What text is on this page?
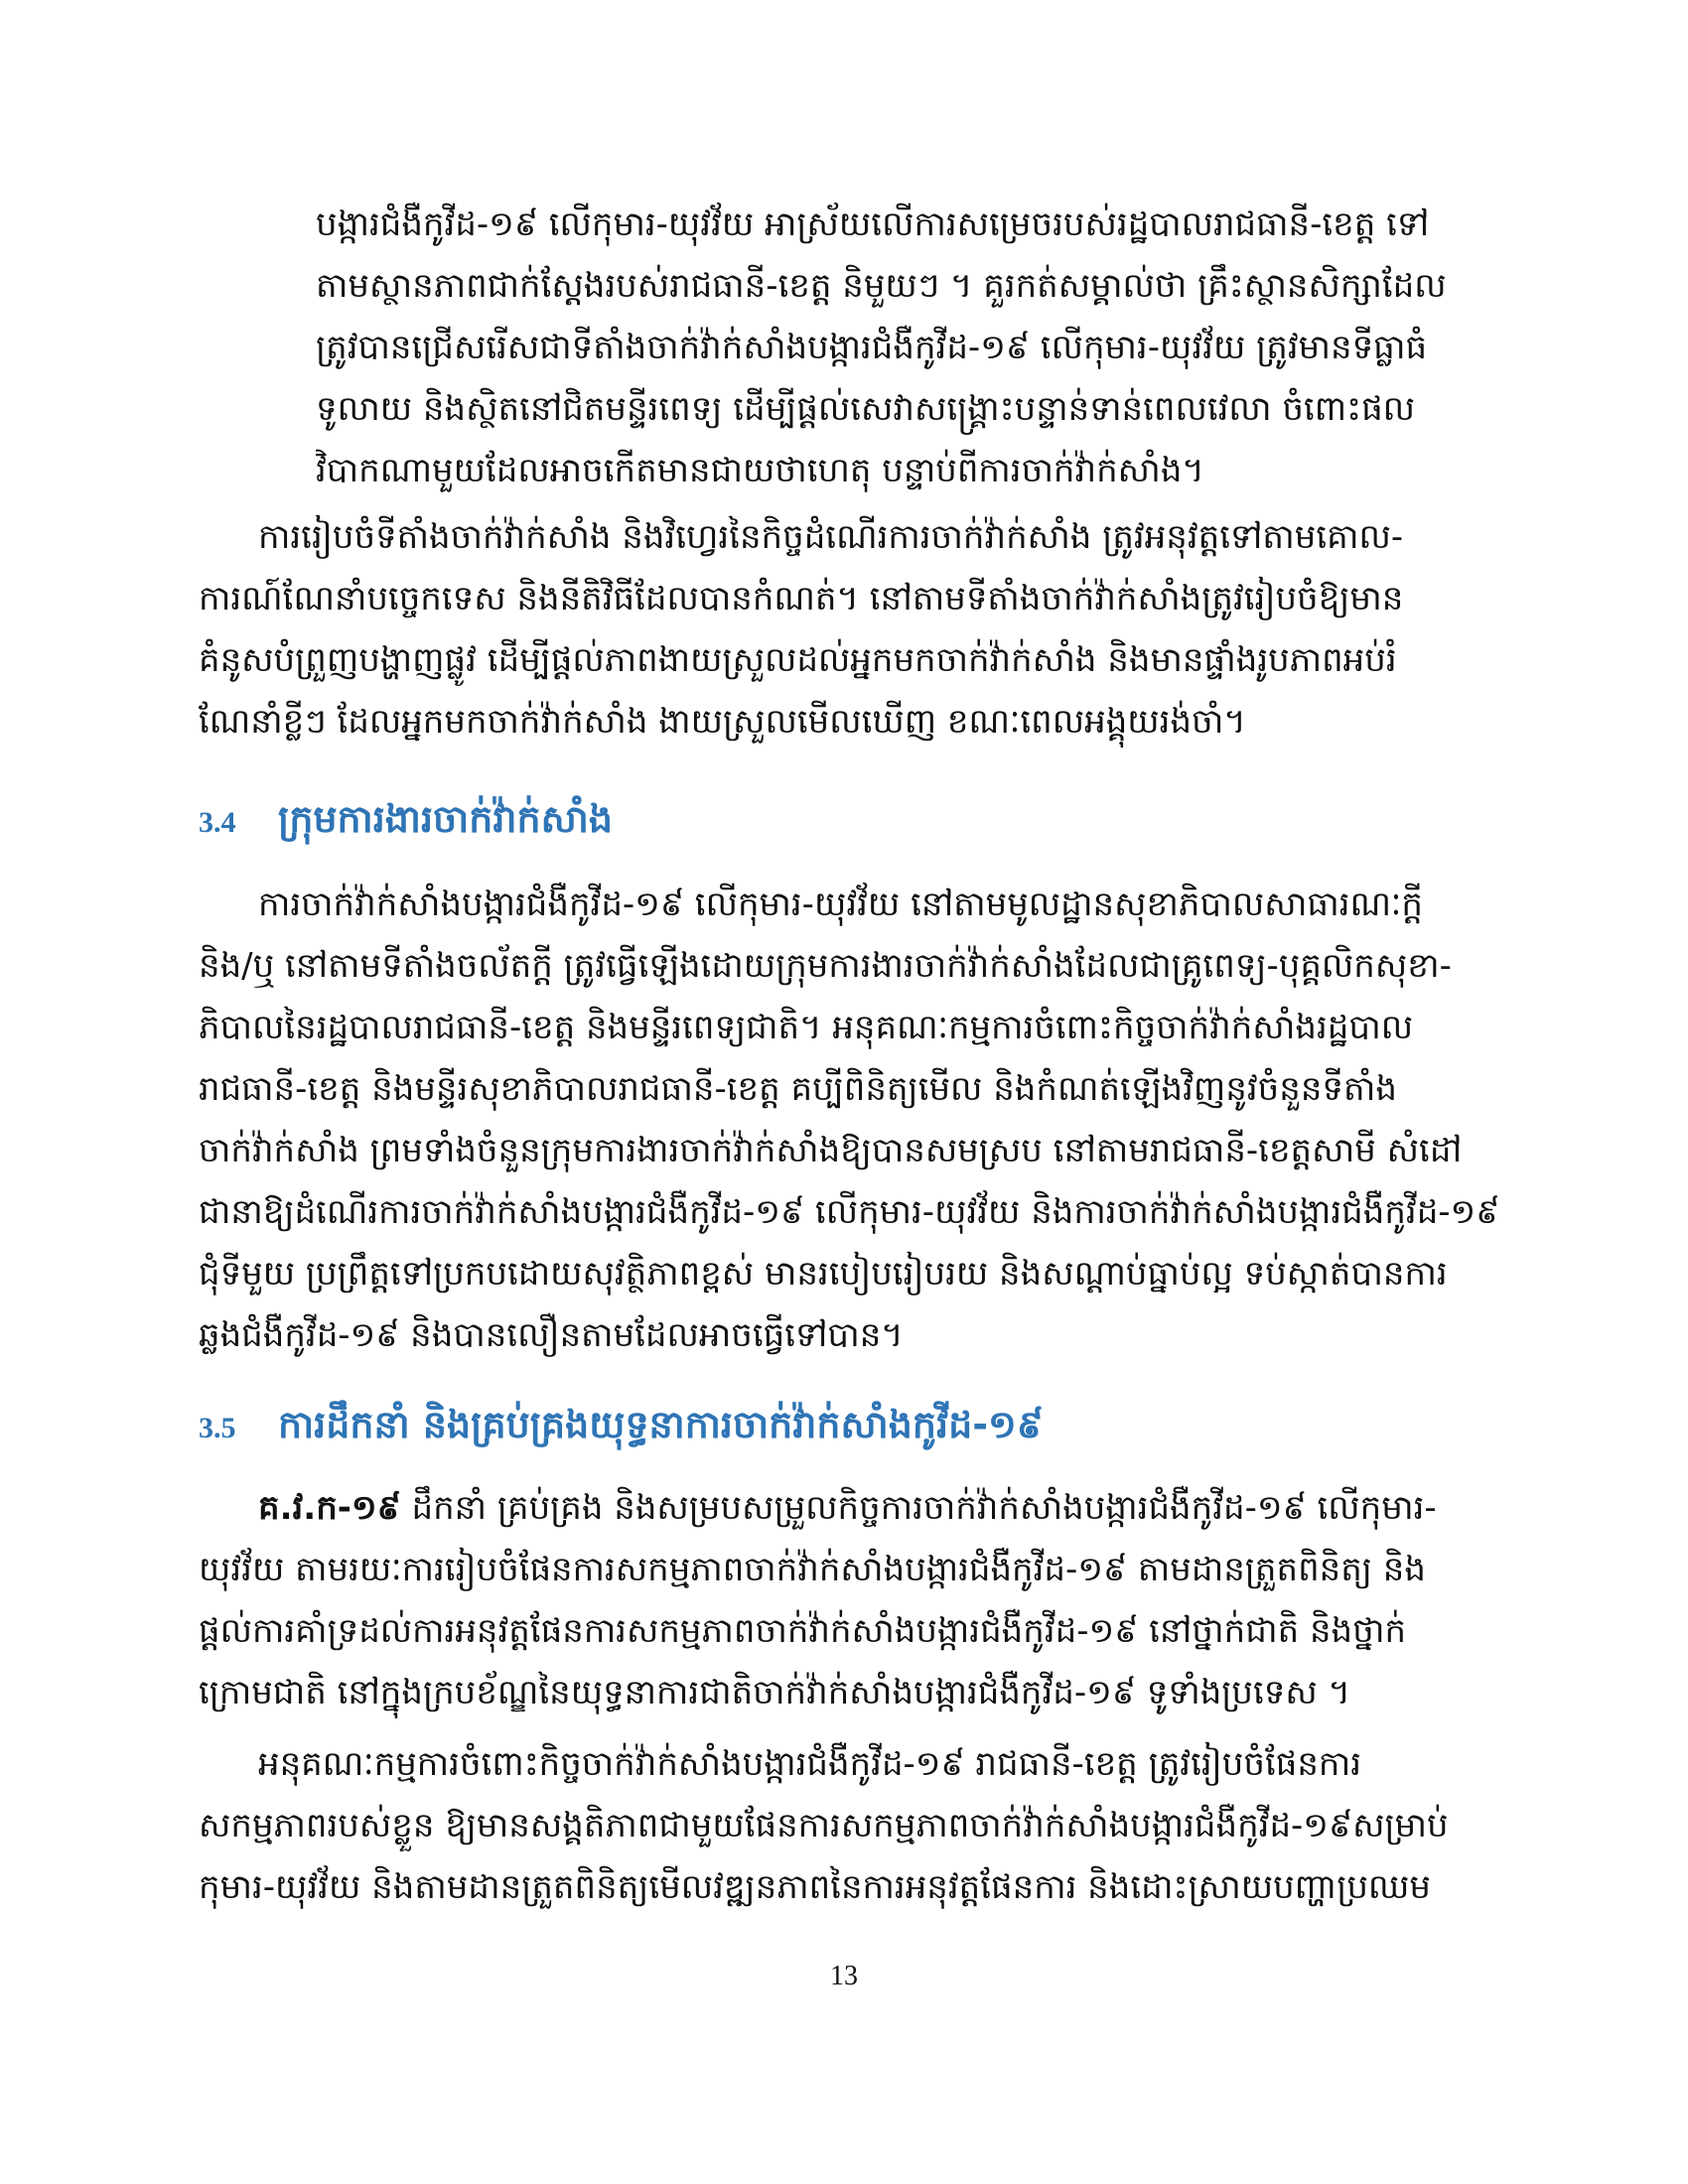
បង្ការជំងឺកូវីដ-១៩ លើកុមារ-យុវវ័យ អាស្រ័យលើការសម្រេចរបស់រដ្ឋបាលរាជធានី-ខេត្ត ទៅ
តាមស្ថានភាពជាក់ស្តែងរបស់រាជធានី-ខេត្ត និមួយៗ ។ គួរកត់សម្គាល់ថា គ្រឹះស្ថានសិក្សាដែល
ត្រូវបានជ្រើសរើសជាទីតាំងចាក់វ៉ាក់សាំងបង្ការជំងឺកូវីដ-១៩ លើកុមារ-យុវវ័យ ត្រូវមានទីធ្លាធំ
ទូលាយ និងស្ថិតនៅជិតមន្ទីរពេទ្យ ដើម្បីផ្តល់សេវាសង្គ្រោះបន្ទាន់ទាន់ពេលវេលា ចំពោះផល
វិបាកណាមួយដែលអាចកើតមានជាយថាហេតុ បន្ទាប់ពីការចាក់វ៉ាក់សាំង។
ការរៀបចំទីតាំងចាក់វ៉ាក់សាំង និងវិហ្វេរនៃកិច្ចដំណើរការចាក់វ៉ាក់សាំង ត្រូវអនុវត្តទៅតាមគោល-
ការណ៍ណែនាំបច្ចេកទេស និងនីតិវិធីដែលបានកំណត់។ នៅតាមទីតាំងចាក់វ៉ាក់សាំងត្រូវរៀបចំឱ្យមាន
គំនូសបំព្រួញបង្ហាញផ្លូវ ដើម្បីផ្តល់ភាពងាយស្រួលដល់អ្នកមកចាក់វ៉ាក់សាំង និងមានផ្ទាំងរូបភាពអប់រំ
ណែនាំខ្លីៗ ដែលអ្នកមកចាក់វ៉ាក់សាំង ងាយស្រួលមើលឃើញ ខណៈពេលអង្គុយរង់ចាំ។
3.4 ក្រុមការងារចាក់វ៉ាក់សាំង
ការចាក់វ៉ាក់សាំងបង្ការជំងឺកូវីដ-១៩ លើកុមារ-យុវវ័យ នៅតាមមូលដ្ឋានសុខាភិបាលសាធារណៈក្តី
និង/ឬ នៅតាមទីតាំងចល័តក្តី ត្រូវធ្វើឡើងដោយក្រុមការងារចាក់វ៉ាក់សាំងដែលជាគ្រូពេទ្យ-បុគ្គលិកសុខា-
ភិបាលនៃរដ្ឋបាលរាជធានី-ខេត្ត និងមន្ទីរពេទ្យជាតិ។ អនុគណៈកម្មការចំពោះកិច្ចចាក់វ៉ាក់សាំងរដ្ឋបាល
រាជធានី-ខេត្ត និងមន្ទីរសុខាភិបាលរាជធានី-ខេត្ត គប្បីពិនិត្យមើល និងកំណត់ឡើងវិញនូវចំនួនទីតាំង
ចាក់វ៉ាក់សាំង ព្រមទាំងចំនួនក្រុមការងារចាក់វ៉ាក់សាំងឱ្យបានសមស្រប នៅតាមរាជធានី-ខេត្តសាមី សំដៅ
ជានាឱ្យដំណើរការចាក់វ៉ាក់សាំងបង្ការជំងឺកូវីដ-១៩ លើកុមារ-យុវវ័យ និងការចាក់វ៉ាក់សាំងបង្ការជំងឺកូវីដ-១៩
ជុំទីមួយ ប្រព្រឹត្តទៅប្រកបដោយសុវត្ថិភាពខ្ពស់ មានរបៀបរៀបរយ និងសណ្តាប់ធ្នាប់ល្អ ទប់ស្កាត់បានការ
ឆ្លងជំងឺកូវីដ-១៩ និងបានលឿនតាមដែលអាចធ្វើទៅបាន។
3.5 ការដឹកនាំ និងគ្រប់គ្រងយុទ្ធនាការចាក់វ៉ាក់សាំងកូវីដ-១៩
គ.វ.ក-១៩ ដឹកនាំ គ្រប់គ្រង និងសម្របសម្រួលកិច្ចការចាក់វ៉ាក់សាំងបង្ការជំងឺកូវីដ-១៩ លើកុមារ-
យុវវ័យ តាមរយៈការរៀបចំផែនការសកម្មភាពចាក់វ៉ាក់សាំងបង្ការជំងឺកូវីដ-១៩ តាមដានត្រួតពិនិត្យ និង
ផ្តល់ការគាំទ្រដល់ការអនុវត្តផែនការសកម្មភាពចាក់វ៉ាក់សាំងបង្ការជំងឺកូវីដ-១៩ នៅថ្នាក់ជាតិ និងថ្នាក់
ក្រោមជាតិ នៅក្នុងក្របខ័ណ្ឌនៃយុទ្ធនាការជាតិចាក់វ៉ាក់សាំងបង្ការជំងឺកូវីដ-១៩ ទូទាំងប្រទេស ។
អនុគណៈកម្មការចំពោះកិច្ចចាក់វ៉ាក់សាំងបង្ការជំងឺកូវីដ-១៩ រាជធានី-ខេត្ត ត្រូវរៀបចំផែនការ
សកម្មភាពរបស់ខ្លួន ឱ្យមានសង្គតិភាពជាមួយផែនការសកម្មភាពចាក់វ៉ាក់សាំងបង្ការជំងឺកូវីដ-១៩សម្រាប់
កុមារ-យុវវ័យ និងតាមដានត្រួតពិនិត្យមើលវឌ្ឍនភាពនៃការអនុវត្តផែនការ និងដោះស្រាយបញ្ហាប្រឈម
13
